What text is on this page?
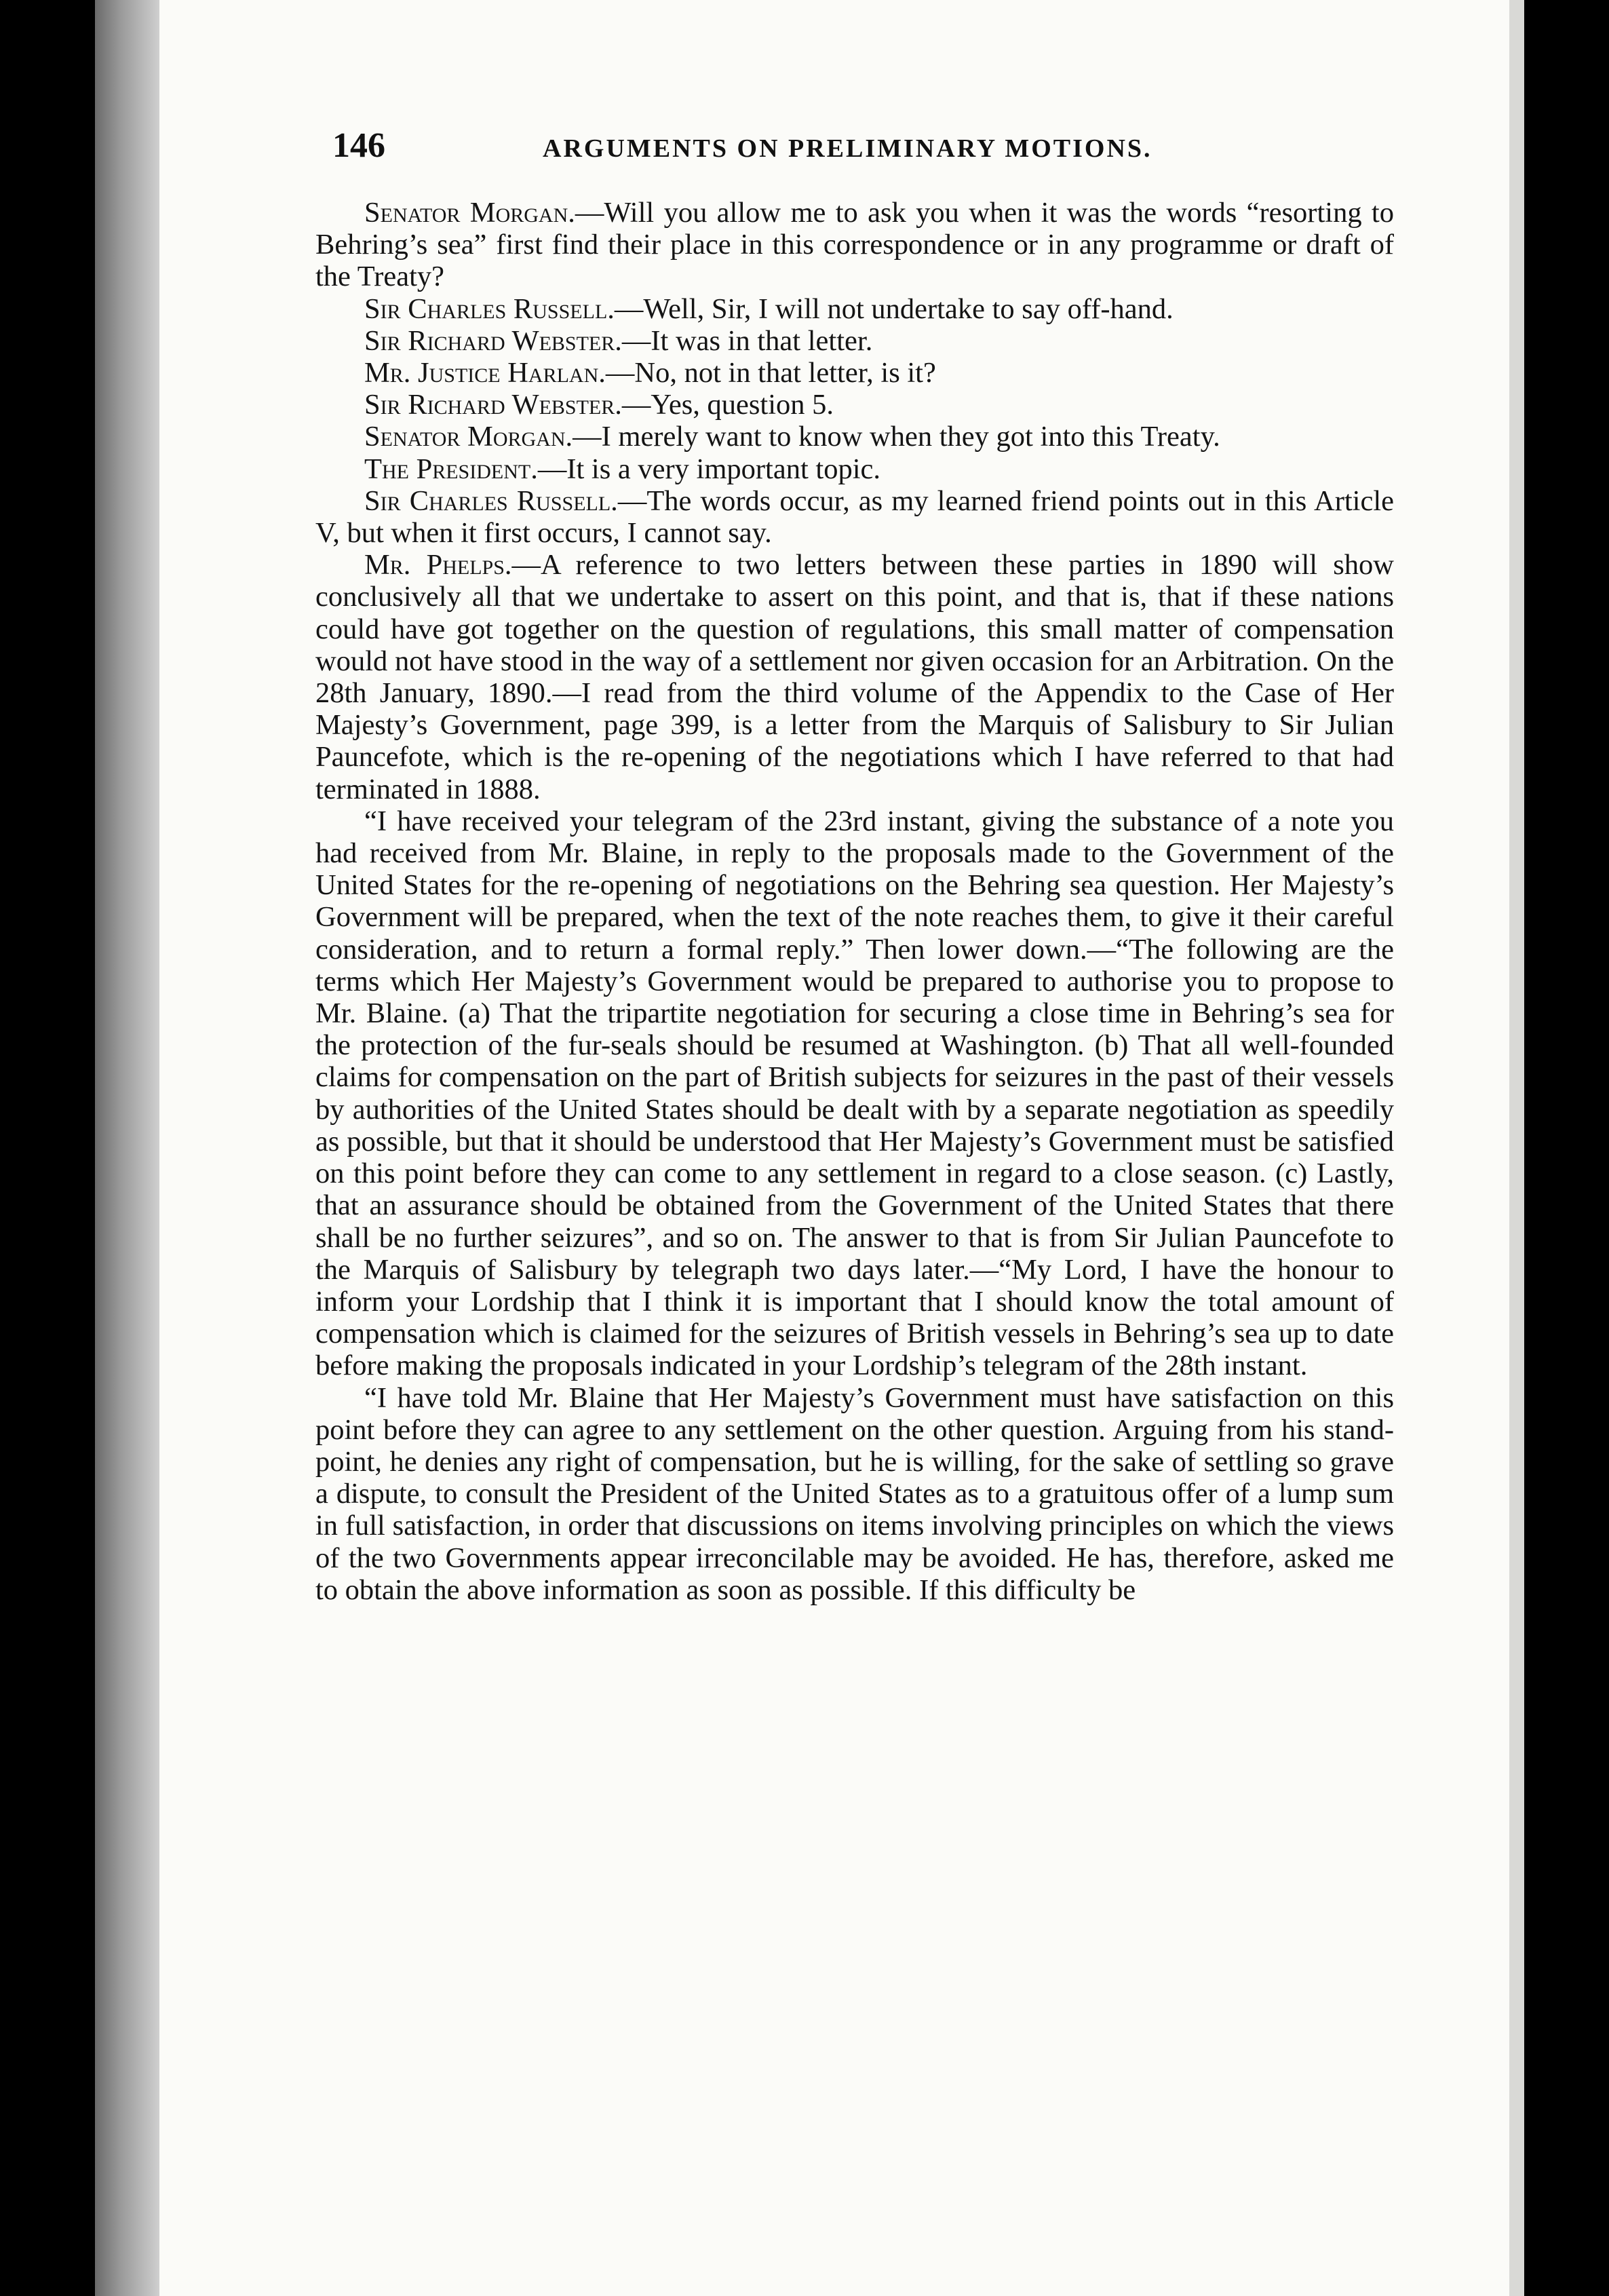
146	ARGUMENTS ON PRELIMINARY MOTIONS.

Senator Morgan.—Will you allow me to ask you when it was the words “resorting to Behring’s sea” first find their place in this correspondence or in any programme or draft of the Treaty?

Sir Charles Russell.—Well, Sir, I will not undertake to say off-hand.

Sir Richard Webster.—It was in that letter.

Mr. Justice Harlan.—No, not in that letter, is it?

Sir Richard Webster.—Yes, question 5.

Senator Morgan.—I merely want to know when they got into this Treaty.

The President.—It is a very important topic.

Sir Charles Russell.—The words occur, as my learned friend points out in this Article V, but when it first occurs, I cannot say.

Mr. Phelps.—A reference to two letters between these parties in 1890 will show conclusively all that we undertake to assert on this point, and that is, that if these nations could have got together on the question of regulations, this small matter of compensation would not have stood in the way of a settlement nor given occasion for an Arbitration. On the 28th January, 1890.—I read from the third volume of the Appendix to the Case of Her Majesty’s Government, page 399, is a letter from the Marquis of Salisbury to Sir Julian Pauncefote, which is the re-opening of the negotiations which I have referred to that had terminated in 1888.

“I have received your telegram of the 23rd instant, giving the substance of a note you had received from Mr. Blaine, in reply to the proposals made to the Government of the United States for the re-opening of negotiations on the Behring sea question. Her Majesty’s Government will be prepared, when the text of the note reaches them, to give it their careful consideration, and to return a formal reply.” Then lower down.—“The following are the terms which Her Majesty’s Government would be prepared to authorise you to propose to Mr. Blaine. (a) That the tripartite negotiation for securing a close time in Behring’s sea for the protection of the fur-seals should be resumed at Washington. (b) That all well-founded claims for compensation on the part of British subjects for seizures in the past of their vessels by authorities of the United States should be dealt with by a separate negotiation as speedily as possible, but that it should be understood that Her Majesty’s Government must be satisfied on this point before they can come to any settlement in regard to a close season. (c) Lastly, that an assurance should be obtained from the Government of the United States that there shall be no further seizures”, and so on. The answer to that is from Sir Julian Pauncefote to the Marquis of Salisbury by telegraph two days later.—“My Lord, I have the honour to inform your Lordship that I think it is important that I should know the total amount of compensation which is claimed for the seizures of British vessels in Behring’s sea up to date before making the proposals indicated in your Lordship’s telegram of the 28th instant.

“I have told Mr. Blaine that Her Majesty’s Government must have satisfaction on this point before they can agree to any settlement on the other question. Arguing from his stand-point, he denies any right of compensation, but he is willing, for the sake of settling so grave a dispute, to consult the President of the United States as to a gratuitous offer of a lump sum in full satisfaction, in order that discussions on items involving principles on which the views of the two Governments appear irreconcilable may be avoided. He has, therefore, asked me to obtain the above information as soon as possible. If this difficulty be
